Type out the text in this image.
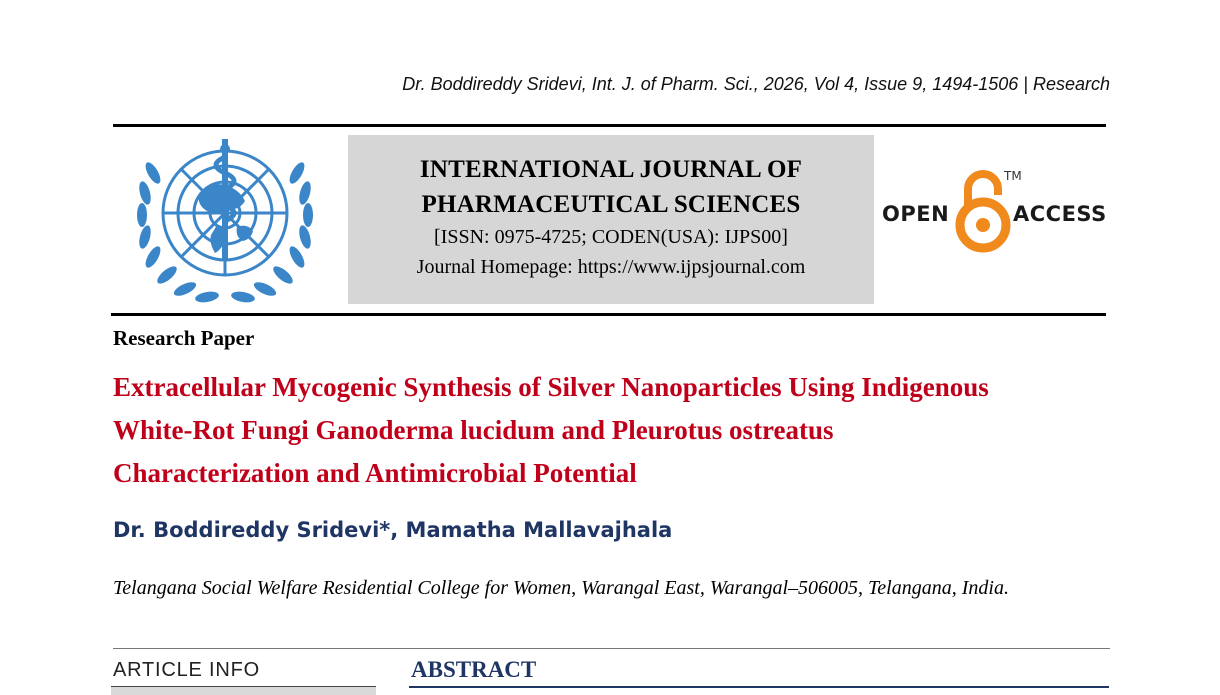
Dr. Boddireddy Sridevi, Int. J. of Pharm. Sci., 2026, Vol 4, Issue 9, 1494-1506 | Research
INTERNATIONAL JOURNAL OF
PHARMACEUTICAL SCIENCES
[ISSN: 0975-4725; CODEN(USA): IJPS00]
Journal Homepage: https://www.ijpsjournal.com
OPEN
TM
ACCESS
Research Paper
Extracellular Mycogenic Synthesis of Silver Nanoparticles Using Indigenous White-Rot Fungi Ganoderma lucidum and Pleurotus ostreatus Characterization and Antimicrobial Potential
Dr. Boddireddy Sridevi*, Mamatha Mallavajhala
Telangana Social Welfare Residential College for Women, Warangal East, Warangal–506005, Telangana, India.
ARTICLE INFO	ABSTRACT
